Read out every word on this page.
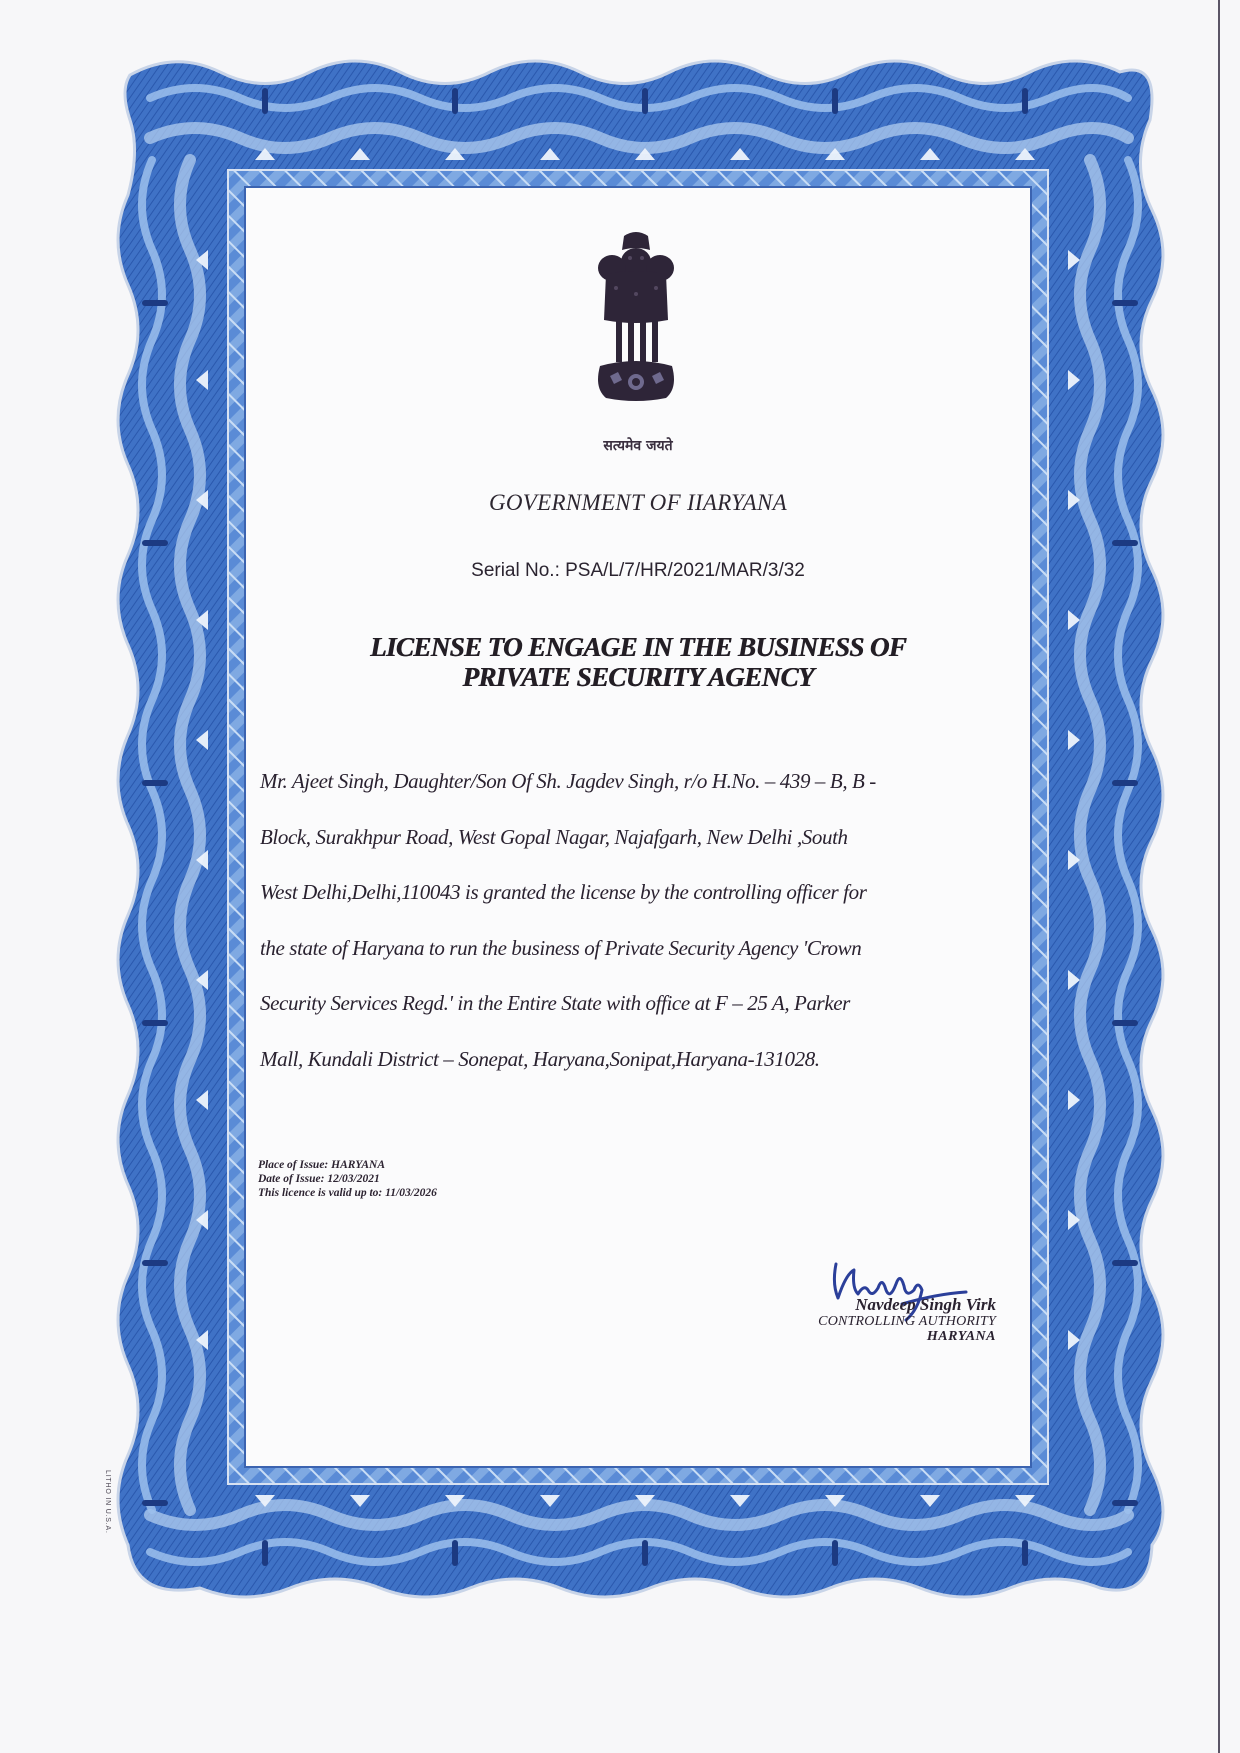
सत्यमेव जयते
GOVERNMENT OF IIARYANA
Serial No.: PSA/L/7/HR/2021/MAR/3/32
LICENSE TO ENGAGE IN THE BUSINESS OF
PRIVATE SECURITY AGENCY
Mr. Ajeet Singh, Daughter/Son Of Sh. Jagdev Singh, r/o H.No. – 439 – B, B -
Block, Surakhpur Road, West Gopal Nagar, Najafgarh, New Delhi ,South
West Delhi,Delhi,110043 is granted the license by the controlling officer for
the state of Haryana to run the business of Private Security Agency 'Crown
Security Services Regd.' in the Entire State with office at F – 25 A, Parker
Mall, Kundali District – Sonepat, Haryana,Sonipat,Haryana-131028.
Place of Issue: HARYANA
Date of Issue: 12/03/2021
This licence is valid up to: 11/03/2026
Navdeep Singh Virk
CONTROLLING AUTHORITY
HARYANA
LITHO IN U.S.A.
